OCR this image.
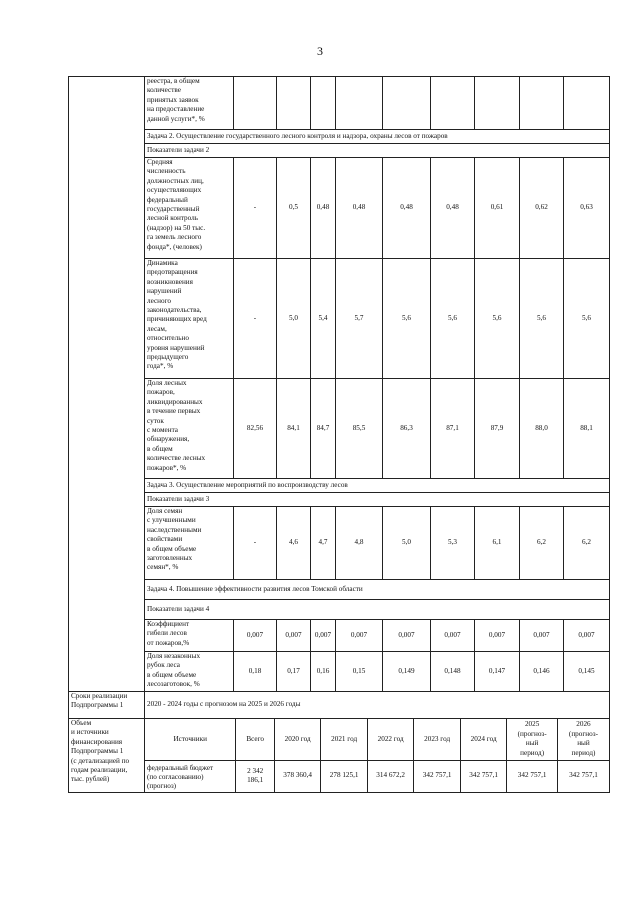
3
	реестра, в общем
количестве
принятых заявок
на предоставление
данной услуги*, %									
Задача 2. Осуществление государственного лесного контроля и надзора, охраны лесов от пожаров
Показатели задачи 2
Средняя
численность
должностных лиц,
осуществляющих
федеральный
государственный
лесной контроль
(надзор) на 50 тыс.
га земель лесного
фонда*, (человек)	-	0,5	0,48	0,48	0,48	0,48	0,61	0,62	0,63
Динамика
предотвращения
возникновения
нарушений
лесного
законодательства,
причиняющих вред
лесам,
относительно
уровня нарушений
предыдущего
года*, %	-	5,0	5,4	5,7	5,6	5,6	5,6	5,6	5,6
Доля лесных
пожаров,
ликвидированных
в течение первых
суток
с момента
обнаружения,
в общем
количестве лесных
пожаров*, %	82,56	84,1	84,7	85,5	86,3	87,1	87,9	88,0	88,1
Задача 3. Осуществление мероприятий по воспроизводству лесов
Показатели задачи 3
Доля семян
с улучшенными
наследственными
свойствами
в общем объеме
заготовленных
семян*, %	-	4,6	4,7	4,8	5,0	5,3	6,1	6,2	6,2
Задача 4. Повышение эффективности развития лесов Томской области
Показатели задачи 4
Коэффициент
гибели лесов
от пожаров,%	0,007	0,007	0,007	0,007	0,007	0,007	0,007	0,007	0,007
Доля незаконных
рубок леса
в общем объеме
лесозаготовок, %	0,18	0,17	0,16	0,15	0,149	0,148	0,147	0,146	0,145
Сроки реализации
Подпрограммы 1	2020 - 2024 годы с прогнозом на 2025 и 2026 годы
Объем
и источники
финансирования
Подпрограммы 1
(с детализацией по
годам реализации,
тыс. рублей)	
Источники	Всего	2020 год	2021 год	2022 год	2023 год	2024 год	2025
(прогноз-
ный
период)	2026
(прогноз-
ный
период)
федеральный бюджет
(по согласованию)
(прогноз)	2 342 186,1	378 360,4	278 125,1	314 672,2	342 757,1	342 757,1	342 757,1	342 757,1
